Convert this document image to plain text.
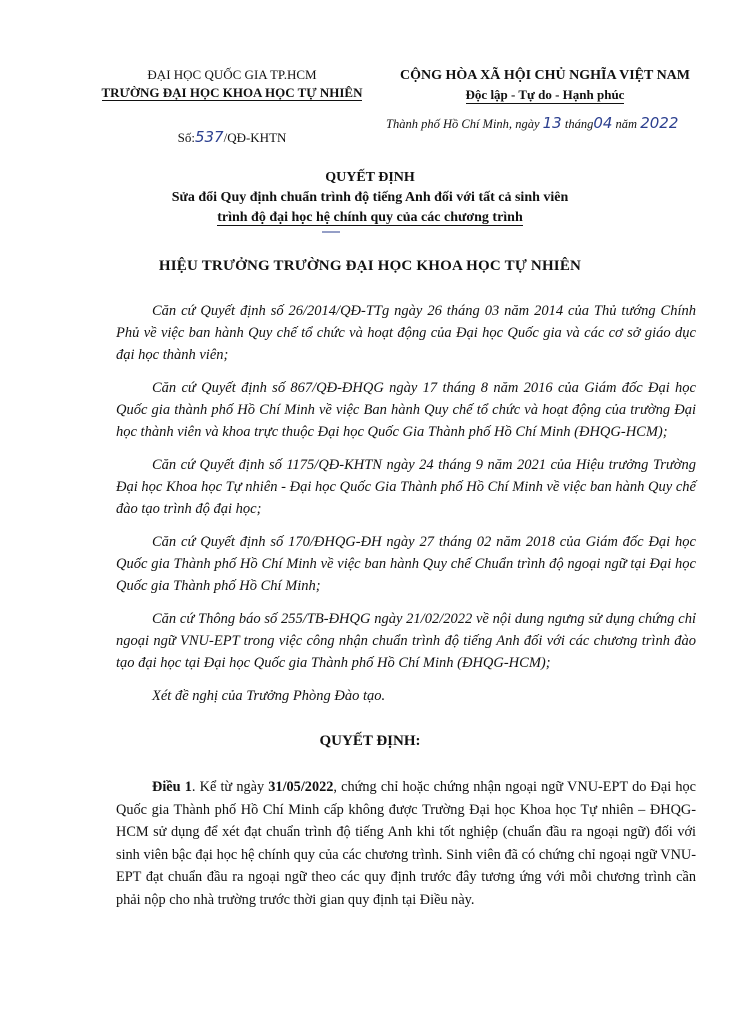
ĐẠI HỌC QUỐC GIA TP.HCM
TRƯỜNG ĐẠI HỌC KHOA HỌC TỰ NHIÊN
Số:537/QĐ-KHTN
CỘNG HÒA XÃ HỘI CHỦ NGHĨA VIỆT NAM
Độc lập - Tự do - Hạnh phúc
Thành phố Hồ Chí Minh, ngày 13 tháng04 năm 2022
QUYẾT ĐỊNH
Sửa đổi Quy định chuẩn trình độ tiếng Anh đối với tất cả sinh viên
trình độ đại học hệ chính quy của các chương trình
HIỆU TRƯỞNG TRƯỜNG ĐẠI HỌC KHOA HỌC TỰ NHIÊN

Căn cứ Quyết định số 26/2014/QĐ-TTg ngày 26 tháng 03 năm 2014 của Thủ tướng Chính Phủ về việc ban hành Quy chế tổ chức và hoạt động của Đại học Quốc gia và các cơ sở giáo dục đại học thành viên;

Căn cứ Quyết định số 867/QĐ-ĐHQG ngày 17 tháng 8 năm 2016 của Giám đốc Đại học Quốc gia thành phố Hồ Chí Minh về việc Ban hành Quy chế tổ chức và hoạt động của trường Đại học thành viên và khoa trực thuộc Đại học Quốc Gia Thành phố Hồ Chí Minh (ĐHQG-HCM);

Căn cứ Quyết định số 1175/QĐ-KHTN ngày 24 tháng 9 năm 2021 của Hiệu trưởng Trường Đại học Khoa học Tự nhiên - Đại học Quốc Gia Thành phố Hồ Chí Minh về việc ban hành Quy chế đào tạo trình độ đại học;

Căn cứ Quyết định số 170/ĐHQG-ĐH ngày 27 tháng 02 năm 2018 của Giám đốc Đại học Quốc gia Thành phố Hồ Chí Minh về việc ban hành Quy chế Chuẩn trình độ ngoại ngữ tại Đại học Quốc gia Thành phố Hồ Chí Minh;

Căn cứ Thông báo số 255/TB-ĐHQG ngày 21/02/2022 về nội dung ngưng sử dụng chứng chỉ ngoại ngữ VNU-EPT trong việc công nhận chuẩn trình độ tiếng Anh đối với các chương trình đào tạo đại học tại Đại học Quốc gia Thành phố Hồ Chí Minh (ĐHQG-HCM);

Xét đề nghị của Trưởng Phòng Đào tạo.

QUYẾT ĐỊNH:

Điều 1. Kể từ ngày 31/05/2022, chứng chỉ hoặc chứng nhận ngoại ngữ VNU-EPT do Đại học Quốc gia Thành phố Hồ Chí Minh cấp không được Trường Đại học Khoa học Tự nhiên – ĐHQG-HCM sử dụng để xét đạt chuẩn trình độ tiếng Anh khi tốt nghiệp (chuẩn đầu ra ngoại ngữ) đối với sinh viên bậc đại học hệ chính quy của các chương trình. Sinh viên đã có chứng chỉ ngoại ngữ VNU-EPT đạt chuẩn đầu ra ngoại ngữ theo các quy định trước đây tương ứng với mỗi chương trình cần phải nộp cho nhà trường trước thời gian quy định tại Điều này.
